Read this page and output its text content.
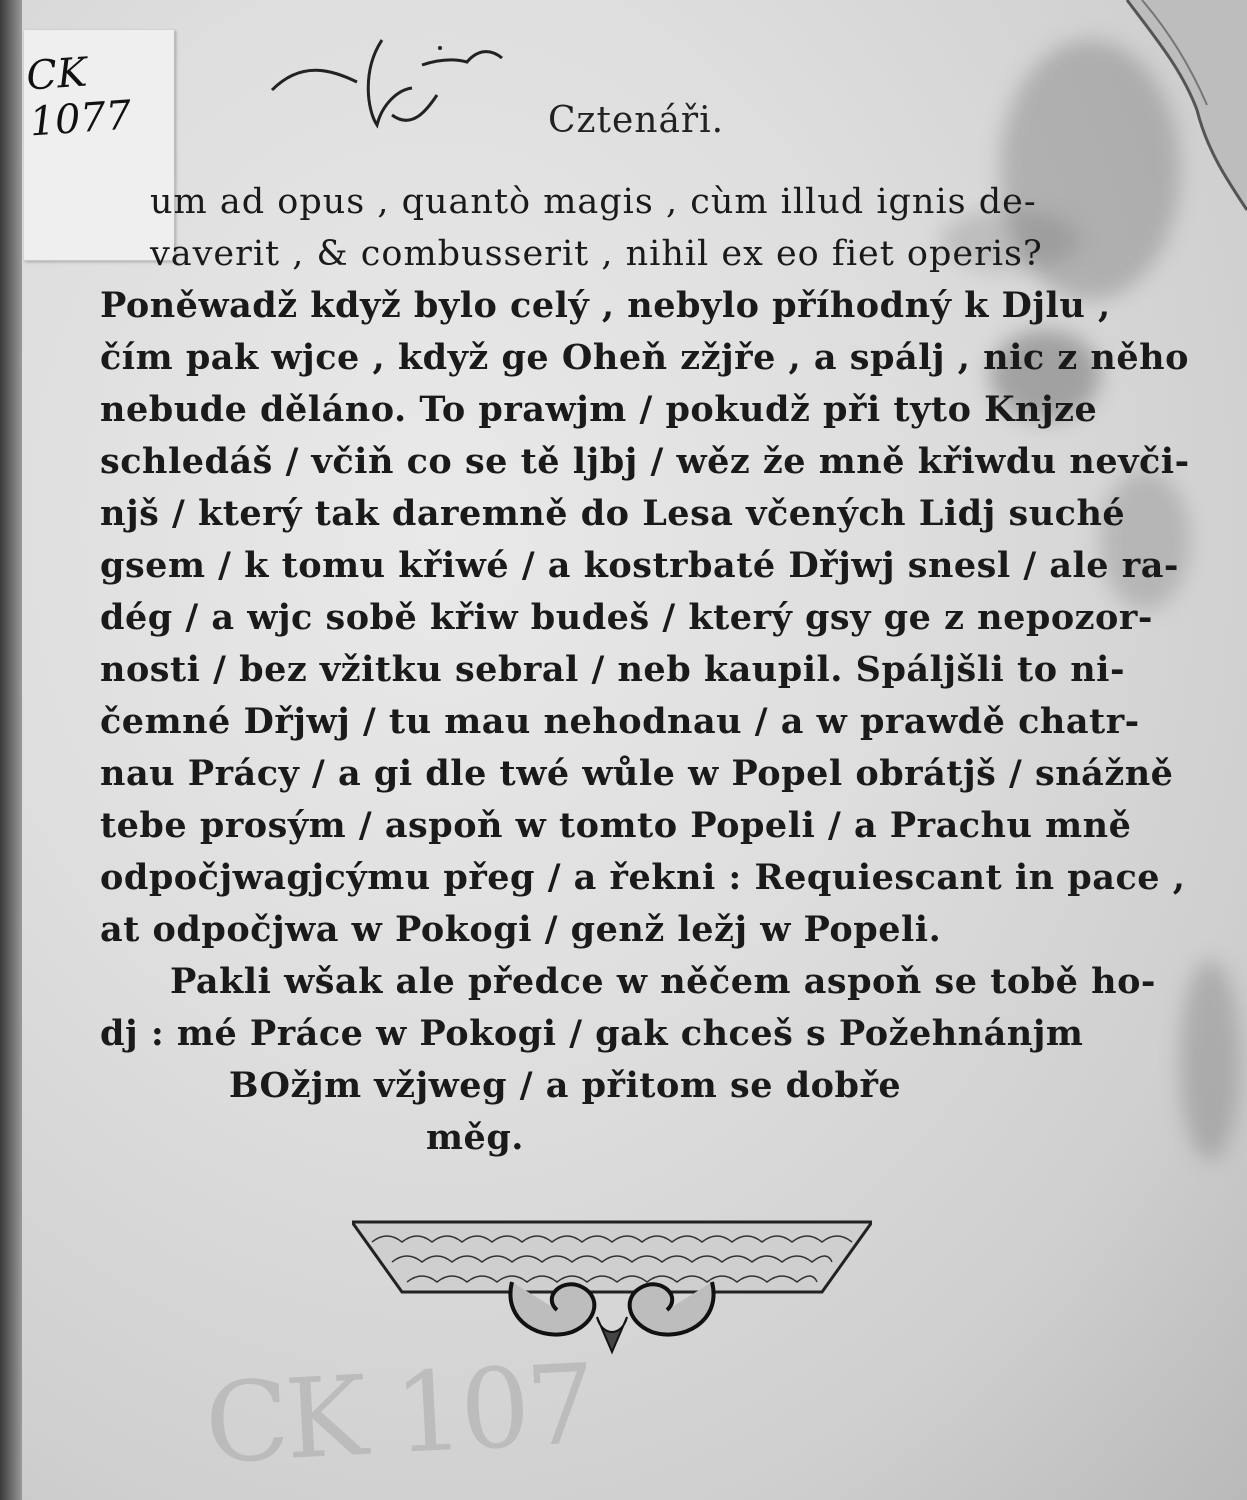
CK
1077	Cztenáři.
um ad opus , quantò magis , cùm illud ignis de-
vaverit , & combusserit , nihil ex eo fiet operis?
Poněwadž když bylo celý , nebylo příhodný k Djlu ,
čím pak wjce , když ge Oheň zžjře , a spálj , nic z něho
nebude děláno. To prawjm / pokudž při tyto Knjze
schledáš / včiň co se tě ljbj / wěz že mně křiwdu nevči-
njš / který tak daremně do Lesa včených Lidj suché
gsem / k tomu křiwé / a kostrbaté Dřjwj snesl / ale ra-
dég / a wjc sobě křiw budeš / který gsy ge z nepozor-
nosti / bez vžitku sebral / neb kaupil. Spáljšli to ni-
čemné Dřjwj / tu mau nehodnau / a w prawdě chatr-
nau Prácy / a gi dle twé wůle w Popel obrátjš / snážně
tebe prosým / aspoň w tomto Popeli / a Prachu mně
odpočjwagjcýmu přeg / a řekni : Requiescant in pace ,
at odpočjwa w Pokogi / genž ležj w Popeli.
Pakli wšak ale předce w něčem aspoň se tobě ho-
dj : mé Práce w Pokogi / gak chceš s Požehnánjm
BOžjm vžjweg / a přitom se dobře
měg.
CK 107
